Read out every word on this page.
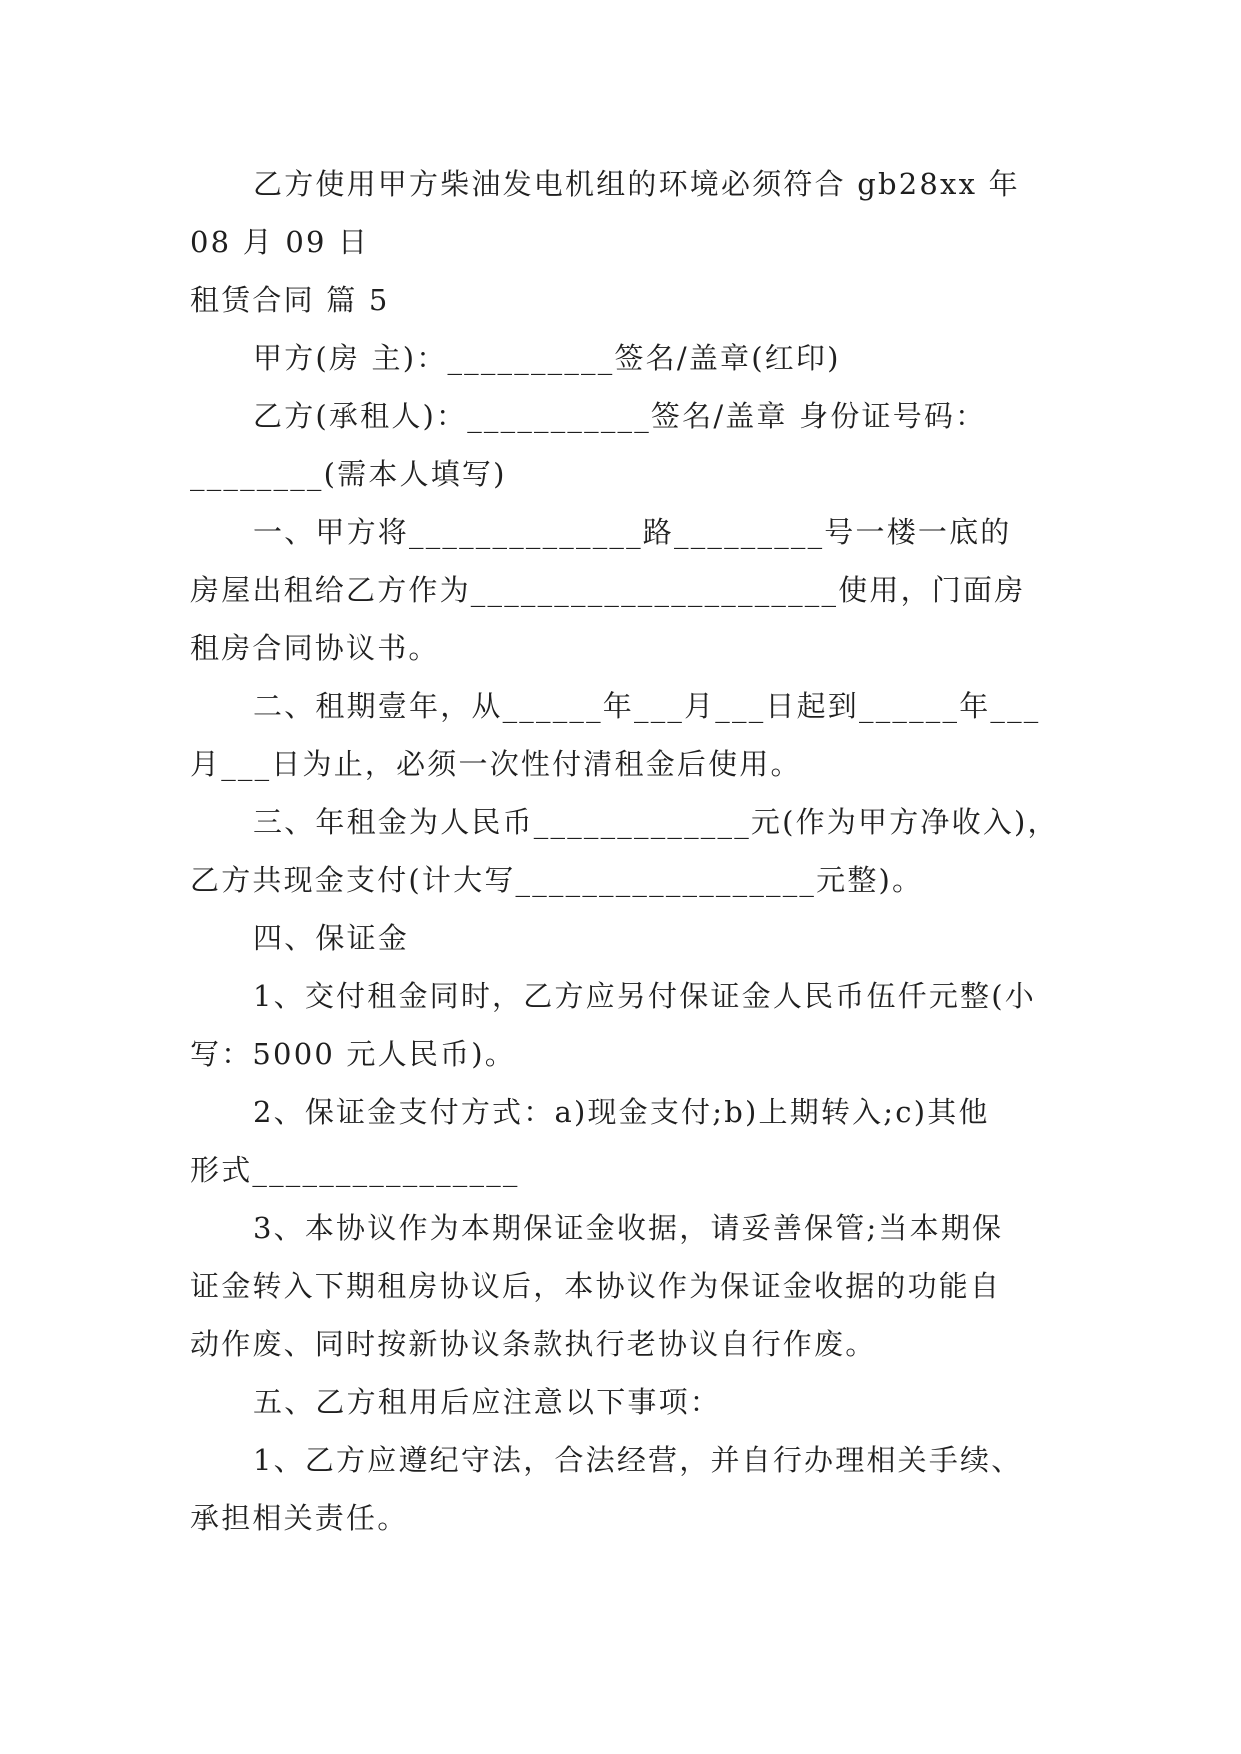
乙方使用甲方柴油发电机组的环境必须符合 gb28xx 年
08 月 09 日
租赁合同 篇 5
甲方(房 主)：__________签名/盖章(红印)
乙方(承租人)：___________签名/盖章 身份证号码：
________(需本人填写)
一、甲方将______________路_________号一楼一底的
房屋出租给乙方作为______________________使用，门面房
租房合同协议书。
二、租期壹年，从______年___月___日起到______年___
月___日为止，必须一次性付清租金后使用。
三、年租金为人民币_____________元(作为甲方净收入)，
乙方共现金支付(计大写__________________元整)。
四、保证金
1、交付租金同时，乙方应另付保证金人民币伍仟元整(小
写：5000 元人民币)。
2、保证金支付方式：a)现金支付;b)上期转入;c)其他
形式________________
3、本协议作为本期保证金收据，请妥善保管;当本期保
证金转入下期租房协议后，本协议作为保证金收据的功能自
动作废、同时按新协议条款执行老协议自行作废。
五、乙方租用后应注意以下事项：
1、乙方应遵纪守法，合法经营，并自行办理相关手续、
承担相关责任。
